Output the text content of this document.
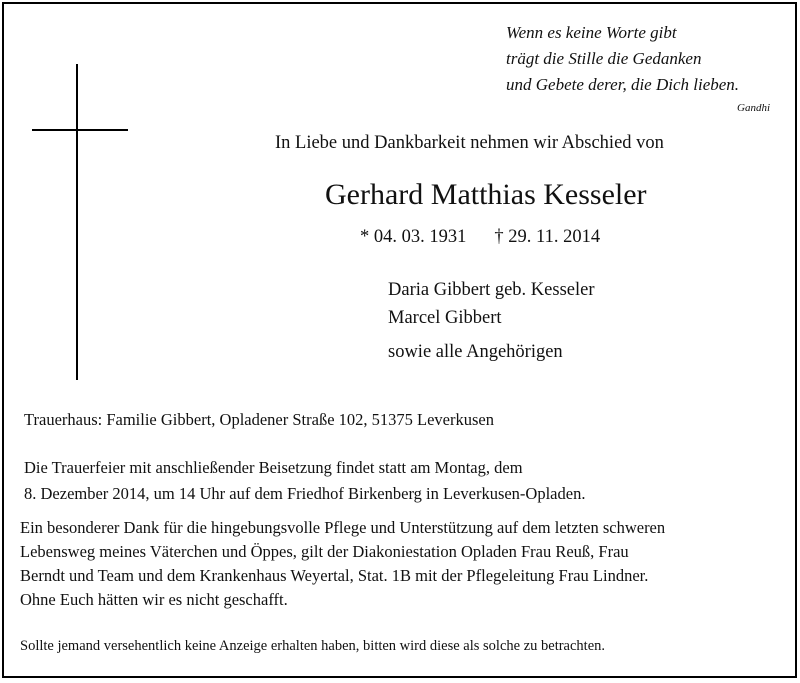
Wenn es keine Worte gibt
trägt die Stille die Gedanken
und Gebete derer, die Dich lieben.
Gandhi
In Liebe und Dankbarkeit nehmen wir Abschied von
Gerhard Matthias Kesseler
* 04. 03. 1931 † 29. 11. 2014
Daria Gibbert geb. Kesseler
Marcel Gibbert
sowie alle Angehörigen
Trauerhaus: Familie Gibbert, Opladener Straße 102, 51375 Leverkusen
Die Trauerfeier mit anschließender Beisetzung findet statt am Montag, dem
8. Dezember 2014, um 14 Uhr auf dem Friedhof Birkenberg in Leverkusen-Opladen.
Ein besonderer Dank für die hingebungsvolle Pflege und Unterstützung auf dem letzten schweren
Lebensweg meines Väterchen und Öppes, gilt der Diakoniestation Opladen Frau Reuß, Frau
Berndt und Team und dem Krankenhaus Weyertal, Stat. 1B mit der Pflegeleitung Frau Lindner.
Ohne Euch hätten wir es nicht geschafft.
Sollte jemand versehentlich keine Anzeige erhalten haben, bitten wird diese als solche zu betrachten.
